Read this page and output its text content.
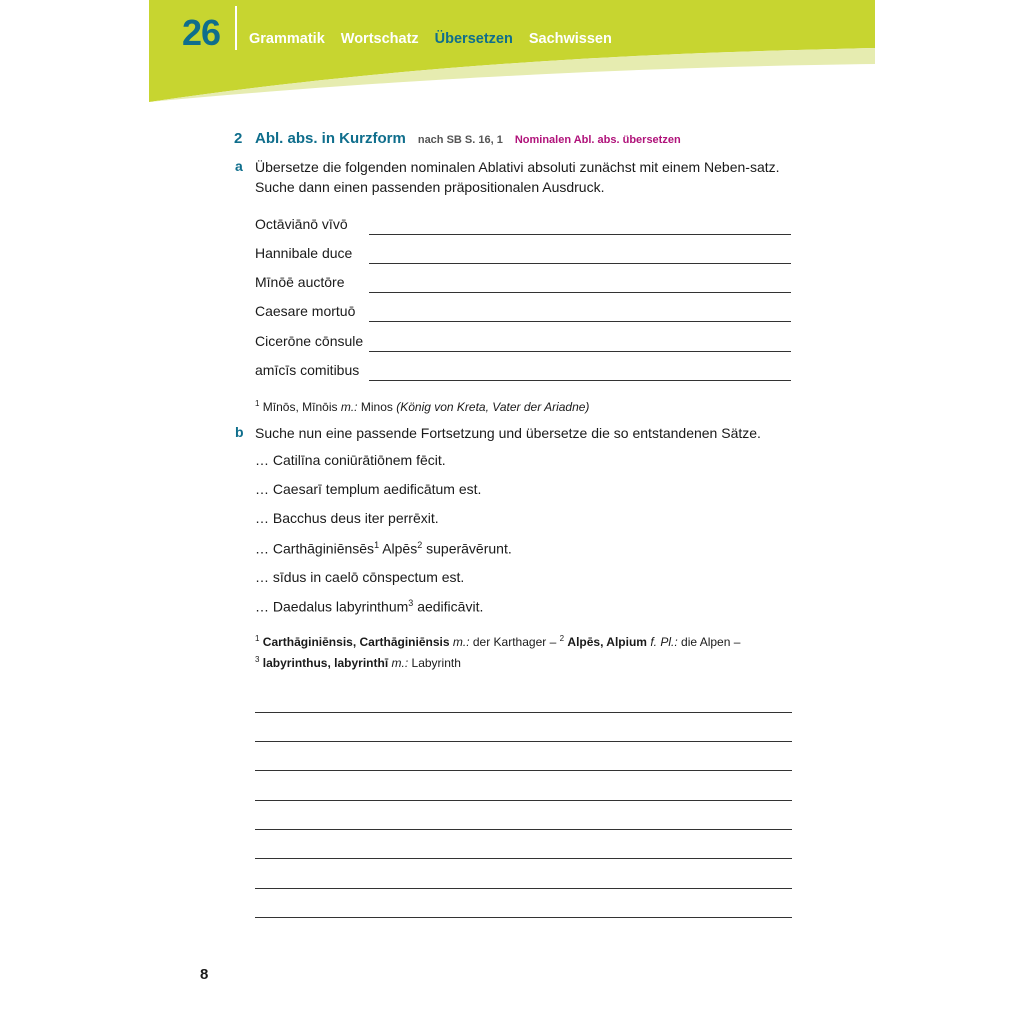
26 Grammatik Wortschatz Übersetzen Sachwissen
2 Abl. abs. in Kurzform nach SB S. 16, 1 Nominalen Abl. abs. übersetzen
a Übersetze die folgenden nominalen Ablativi absoluti zunächst mit einem Neben-satz. Suche dann einen passenden präpositionalen Ausdruck.
Octāviānō vīvō
Hannibale duce
Mīnōē auctōre
Caesare mortuō
Cicerōne cōnsule
amīcīs comitibus
$^1$ Mīnōs, Mīnōis m.: Minos (König von Kreta, Vater der Ariadne)
b Suche nun eine passende Fortsetzung und übersetze die so entstandenen Sätze.
… Catilīna coniūrātiōnem fēcit.
… Caesarī templum aedificātum est.
… Bacchus deus iter perrēxit.
… Carthāginiēnsēs$^1$ Alpēs$^2$ superāvērunt.
… sīdus in caelō cōnspectum est.
… Daedalus labyrinthum$^3$ aedificāvit.
$^1$ Carthāginiēnsis, Carthāginiēnsis m.: der Karthager – $^2$ Alpēs, Alpium f. Pl.: die Alpen –
$^3$ labyrinthus, labyrinthī m.: Labyrinth
8
